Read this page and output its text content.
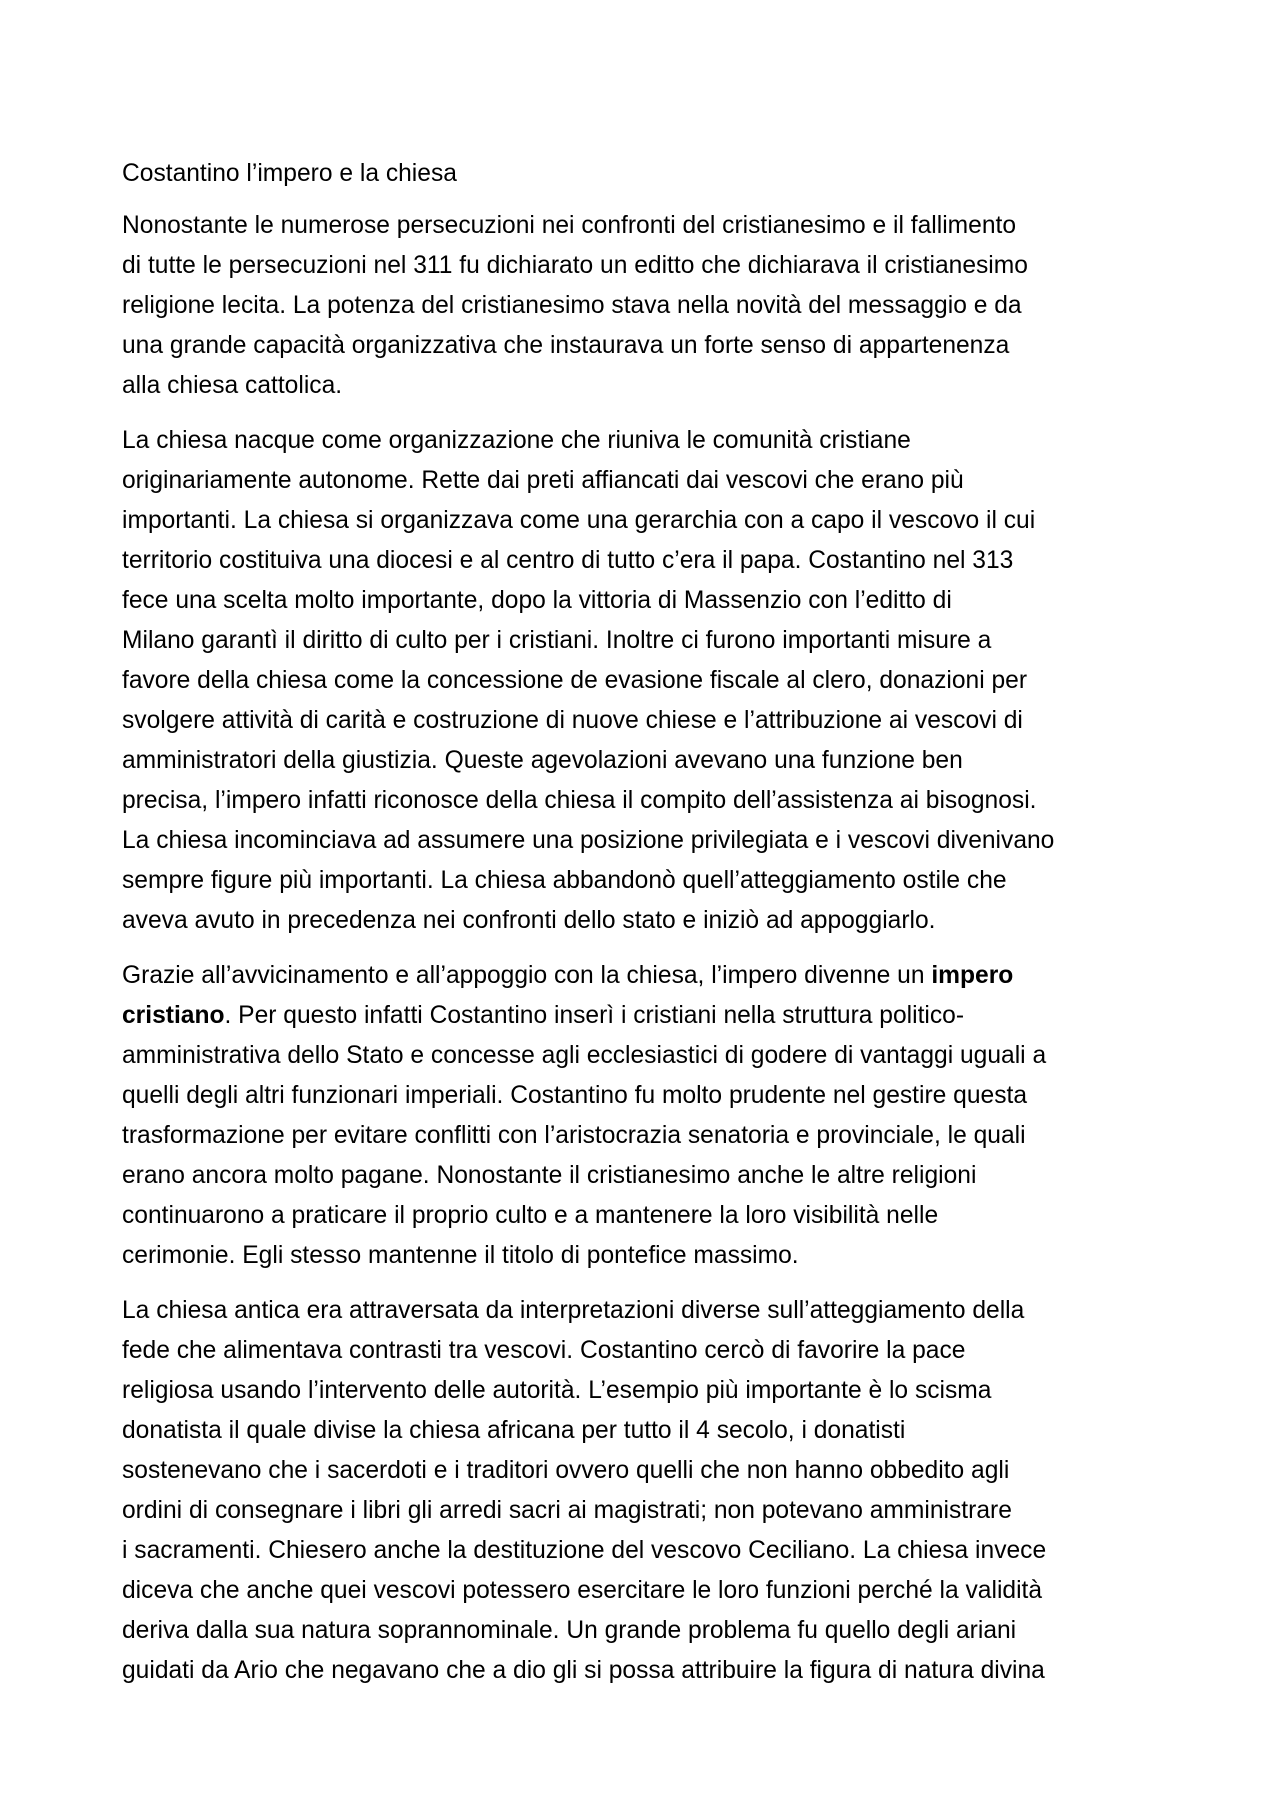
Costantino l’impero e la chiesa

Nonostante le numerose persecuzioni nei confronti del cristianesimo e il fallimento
di tutte le persecuzioni nel 311 fu dichiarato un editto che dichiarava il cristianesimo
religione lecita. La potenza del cristianesimo stava nella novità del messaggio e da
una grande capacità organizzativa che instaurava un forte senso di appartenenza
alla chiesa cattolica.

La chiesa nacque come organizzazione che riuniva le comunità cristiane
originariamente autonome. Rette dai preti affiancati dai vescovi che erano più
importanti. La chiesa si organizzava come una gerarchia con a capo il vescovo il cui
territorio costituiva una diocesi e al centro di tutto c’era il papa. Costantino nel 313
fece una scelta molto importante, dopo la vittoria di Massenzio con l’editto di
Milano garantì il diritto di culto per i cristiani. Inoltre ci furono importanti misure a
favore della chiesa come la concessione de evasione fiscale al clero, donazioni per
svolgere attività di carità e costruzione di nuove chiese e l’attribuzione ai vescovi di
amministratori della giustizia. Queste agevolazioni avevano una funzione ben
precisa, l’impero infatti riconosce della chiesa il compito dell’assistenza ai bisognosi.
La chiesa incominciava ad assumere una posizione privilegiata e i vescovi divenivano
sempre figure più importanti. La chiesa abbandonò quell’atteggiamento ostile che
aveva avuto in precedenza nei confronti dello stato e iniziò ad appoggiarlo.

Grazie all’avvicinamento e all’appoggio con la chiesa, l’impero divenne un impero
cristiano. Per questo infatti Costantino inserì i cristiani nella struttura politico-
amministrativa dello Stato e concesse agli ecclesiastici di godere di vantaggi uguali a
quelli degli altri funzionari imperiali. Costantino fu molto prudente nel gestire questa
trasformazione per evitare conflitti con l’aristocrazia senatoria e provinciale, le quali
erano ancora molto pagane. Nonostante il cristianesimo anche le altre religioni
continuarono a praticare il proprio culto e a mantenere la loro visibilità nelle
cerimonie. Egli stesso mantenne il titolo di pontefice massimo.

La chiesa antica era attraversata da interpretazioni diverse sull’atteggiamento della
fede che alimentava contrasti tra vescovi. Costantino cercò di favorire la pace
religiosa usando l’intervento delle autorità. L’esempio più importante è lo scisma
donatista il quale divise la chiesa africana per tutto il 4 secolo, i donatisti
sostenevano che i sacerdoti e i traditori ovvero quelli che non hanno obbedito agli
ordini di consegnare i libri gli arredi sacri ai magistrati; non potevano amministrare
i sacramenti. Chiesero anche la destituzione del vescovo Ceciliano. La chiesa invece
diceva che anche quei vescovi potessero esercitare le loro funzioni perché la validità
deriva dalla sua natura soprannominale. Un grande problema fu quello degli ariani
guidati da Ario che negavano che a dio gli si possa attribuire la figura di natura divina
